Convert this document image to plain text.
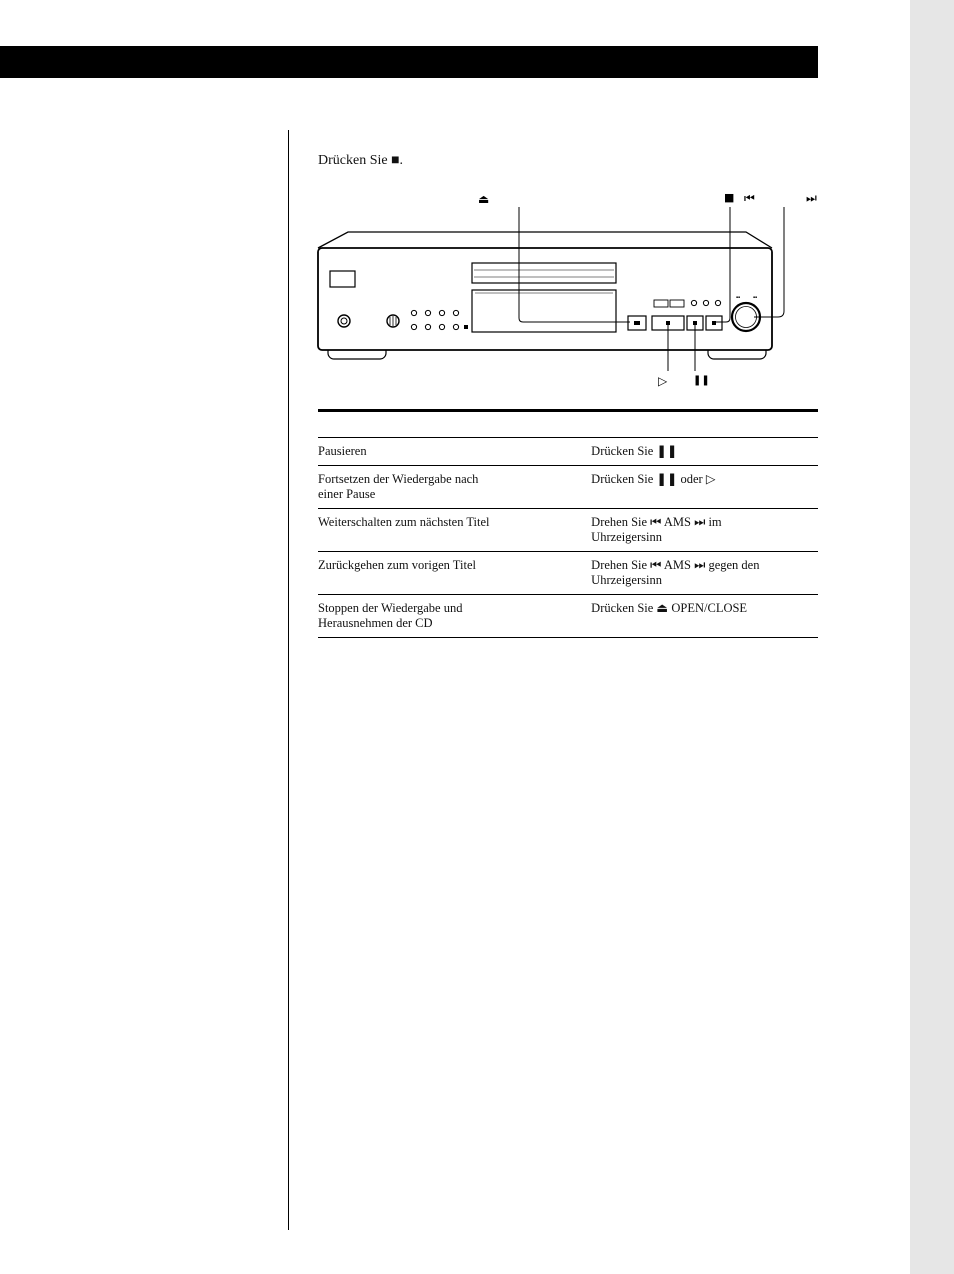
Drücken Sie ■.

⏏	■ ⏮	⏭
▷	❚❚
▪▪	▪▪
Pausieren	Drücken Sie ❚❚
Fortsetzen der Wiedergabe nach
einer Pause	Drücken Sie ❚❚ oder ▷
Weiterschalten zum nächsten Titel	Drehen Sie ⏮ AMS ⏭ im
Uhrzeigersinn
Zurückgehen zum vorigen Titel	Drehen Sie ⏮ AMS ⏭ gegen den
Uhrzeigersinn
Stoppen der Wiedergabe und
Herausnehmen der CD	Drücken Sie ⏏ OPEN/CLOSE
